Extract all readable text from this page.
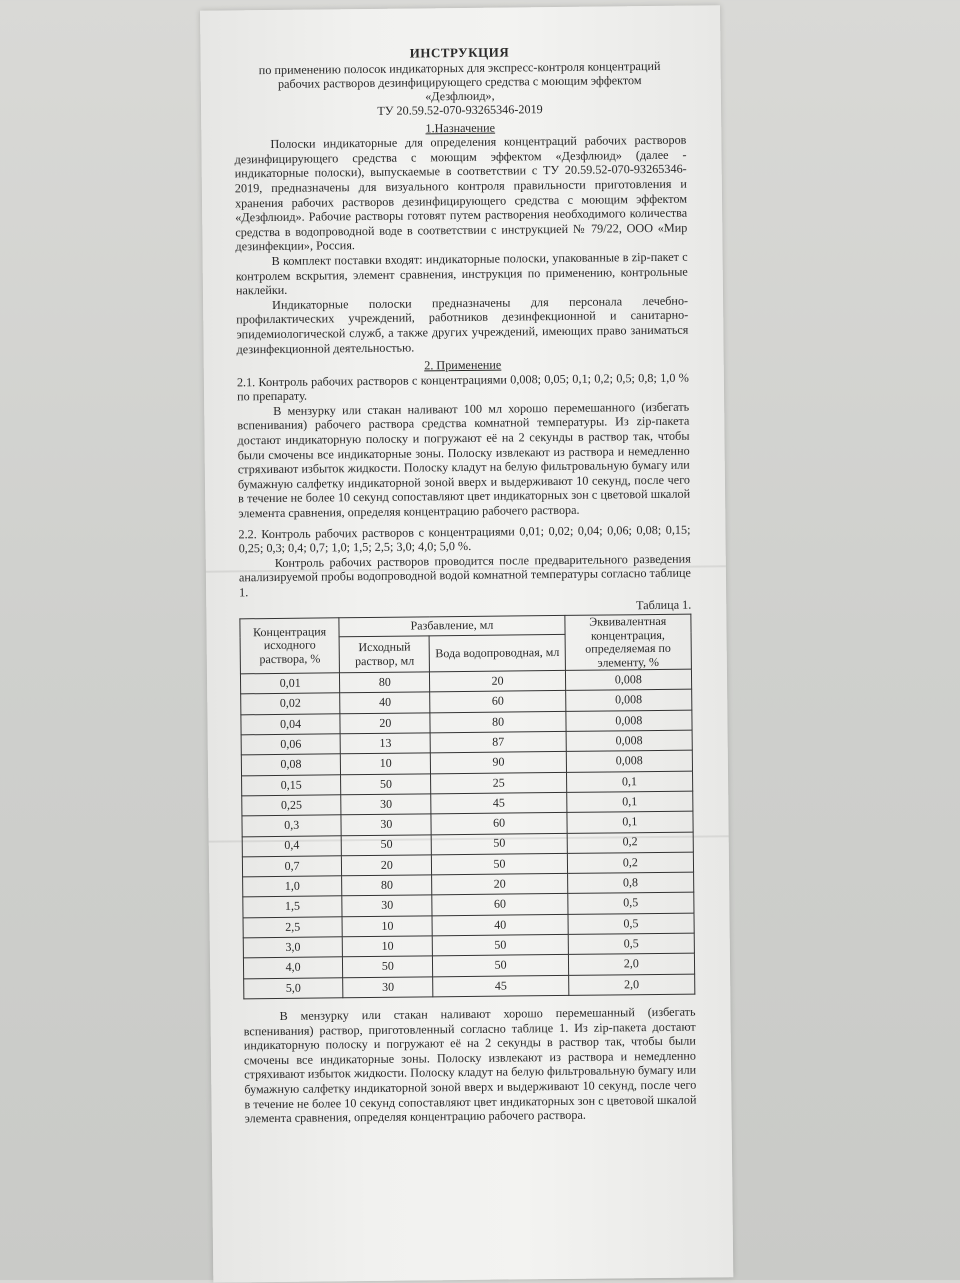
ИНСТРУКЦИЯ
по применению полосок индикаторных для экспресс-контроля концентраций
рабочих растворов дезинфицирующего средства с моющим эффектом
«Дезфлюид»,
ТУ 20.59.52-070-93265346-2019
1.Назначение

Полоски индикаторные для определения концентраций рабочих растворов дезинфицирующего средства с моющим эффектом «Дезфлюид» (далее - индикаторные полоски), выпускаемые в соответствии с ТУ 20.59.52-070-93265346-2019, предназначены для визуального контроля правильности приготовления и хранения рабочих растворов дезинфицирующего средства с моющим эффектом «Дезфлюид». Рабочие растворы готовят путем растворения необходимого количества средства в водопроводной воде в соответствии с инструкцией № 79/22, ООО «Мир дезинфекции», Россия.

В комплект поставки входят: индикаторные полоски, упакованные в zip-пакет с контролем вскрытия, элемент сравнения, инструкция по применению, контрольные наклейки.

Индикаторные полоски предназначены для персонала лечебно-профилактических учреждений, работников дезинфекционной и санитарно-эпидемиологической служб, а также других учреждений, имеющих право заниматься дезинфекционной деятельностью.

2. Применение

2.1. Контроль рабочих растворов с концентрациями 0,008; 0,05; 0,1; 0,2; 0,5; 0,8; 1,0 % по препарату.

В мензурку или стакан наливают 100 мл хорошо перемешанного (избегать вспенивания) рабочего раствора средства комнатной температуры. Из zip-пакета достают индикаторную полоску и погружают её на 2 секунды в раствор так, чтобы были смочены все индикаторные зоны. Полоску извлекают из раствора и немедленно стряхивают избыток жидкости. Полоску кладут на белую фильтровальную бумагу или бумажную салфетку индикаторной зоной вверх и выдерживают 10 секунд, после чего в течение не более 10 секунд сопоставляют цвет индикаторных зон с цветовой шкалой элемента сравнения, определяя концентрацию рабочего раствора.

2.2. Контроль рабочих растворов с концентрациями 0,01; 0,02; 0,04; 0,06; 0,08; 0,15; 0,25; 0,3; 0,4; 0,7; 1,0; 1,5; 2,5; 3,0; 4,0; 5,0 %.

Контроль рабочих растворов проводится после предварительного разведения анализируемой пробы водопроводной водой комнатной температуры согласно таблице 1.

Таблица 1.
Концентрация исходного раствора, %	Разбавление, мл		Эквивалентная концентрация, определяемая по элементу, %
	Исходный раствор, мл	Вода водопроводная, мл	
0,01	80	20	0,008
0,02	40	60	0,008
0,04	20	80	0,008
0,06	13	87	0,008
0,08	10	90	0,008
0,15	50	25	0,1
0,25	30	45	0,1
0,3	30	60	0,1
0,4	50	50	0,2
0,7	20	50	0,2
1,0	80	20	0,8
1,5	30	60	0,5
2,5	10	40	0,5
3,0	10	50	0,5
4,0	50	50	2,0
5,0	30	45	2,0

В мензурку или стакан наливают хорошо перемешанный (избегать вспенивания) раствор, приготовленный согласно таблице 1. Из zip-пакета достают индикаторную полоску и погружают её на 2 секунды в раствор так, чтобы были смочены все индикаторные зоны. Полоску извлекают из раствора и немедленно стряхивают избыток жидкости. Полоску кладут на белую фильтровальную бумагу или бумажную салфетку индикаторной зоной вверх и выдерживают 10 секунд, после чего в течение не более 10 секунд сопоставляют цвет индикаторных зон с цветовой шкалой элемента сравнения, определяя концентрацию рабочего раствора.
